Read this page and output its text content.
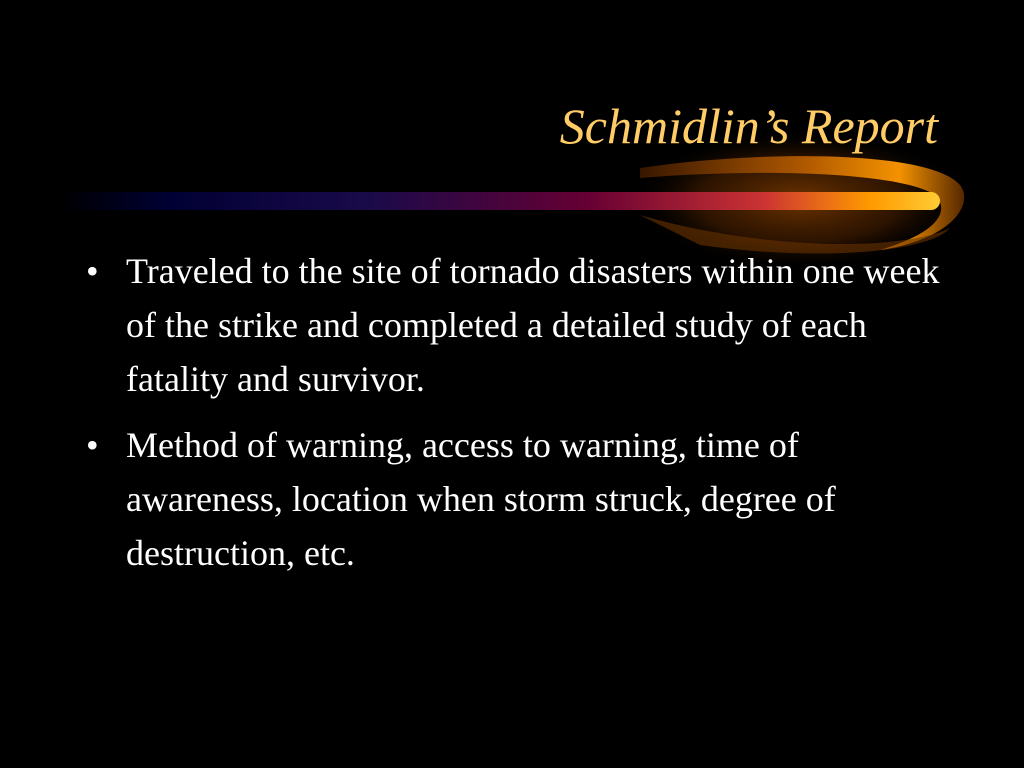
Schmidlin’s Report
• Traveled to the site of tornado disasters within one week of the strike and completed a detailed study of each fatality and survivor.
• Method of warning, access to warning, time of awareness, location when storm struck, degree of destruction, etc.
